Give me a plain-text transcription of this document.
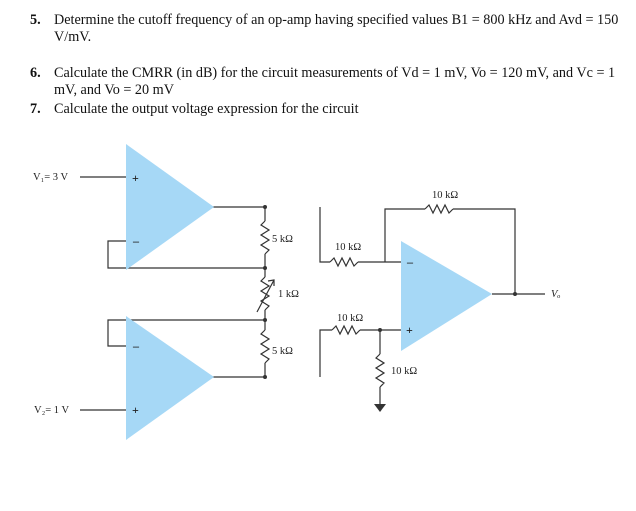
5. Determine the cutoff frequency of an op-amp having specified values B1 = 800 kHz and Avd = 150 V/mV.
6. Calculate the CMRR (in dB) for the circuit measurements of Vd = 1 mV, Vo = 120 mV, and Vc = 1 mV, and Vo = 20 mV
7. Calculate the output voltage expression for the circuit
+
–
–
+
–
+
V₁= 3 V
V₂= 1 V
Vₒ
5 kΩ
1 kΩ
5 kΩ
10 kΩ
10 kΩ
10 kΩ
10 kΩ
